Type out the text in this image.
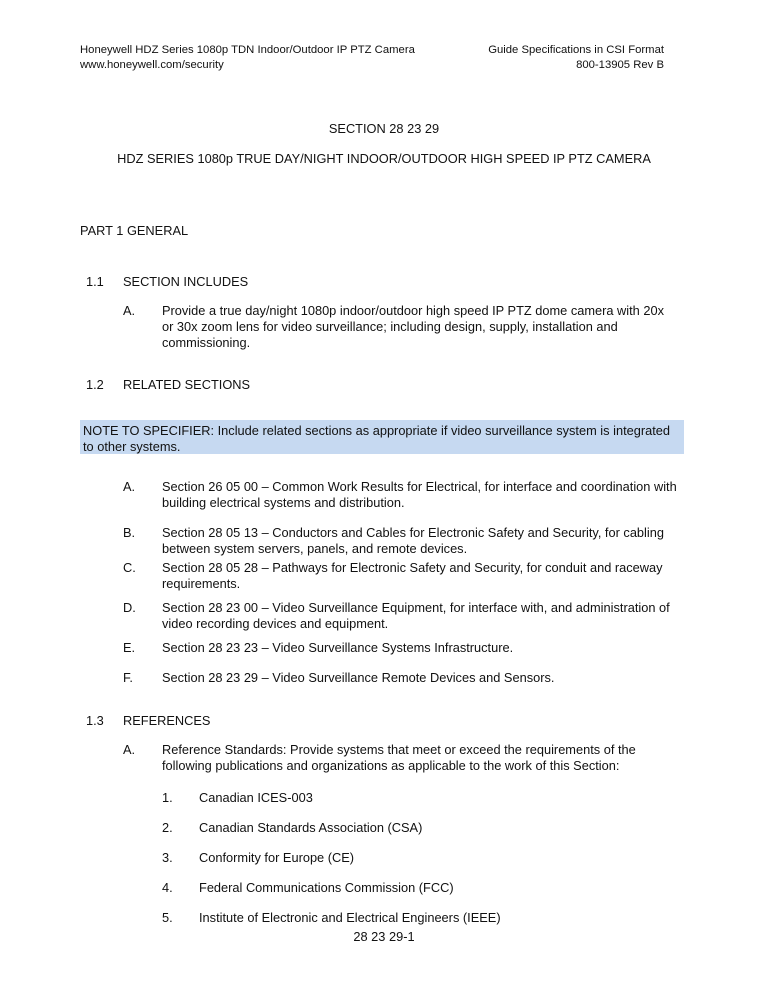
Honeywell HDZ Series 1080p TDN Indoor/Outdoor IP PTZ Camera
www.honeywell.com/security
Guide Specifications in CSI Format
800-13905 Rev B
SECTION 28 23 29
HDZ SERIES 1080p TRUE DAY/NIGHT INDOOR/OUTDOOR HIGH SPEED IP PTZ CAMERA
PART 1 GENERAL
1.1 SECTION INCLUDES
A. Provide a true day/night 1080p indoor/outdoor high speed IP PTZ dome camera with 20x or 30x zoom lens for video surveillance; including design, supply, installation and commissioning.
1.2 RELATED SECTIONS
NOTE TO SPECIFIER: Include related sections as appropriate if video surveillance system is integrated to other systems.
A. Section 26 05 00 – Common Work Results for Electrical, for interface and coordination with building electrical systems and distribution.
B. Section 28 05 13 – Conductors and Cables for Electronic Safety and Security, for cabling between system servers, panels, and remote devices.
C. Section 28 05 28 – Pathways for Electronic Safety and Security, for conduit and raceway requirements.
D. Section 28 23 00 – Video Surveillance Equipment, for interface with, and administration of video recording devices and equipment.
E. Section 28 23 23 – Video Surveillance Systems Infrastructure.
F. Section 28 23 29 – Video Surveillance Remote Devices and Sensors.
1.3 REFERENCES
A. Reference Standards: Provide systems that meet or exceed the requirements of the following publications and organizations as applicable to the work of this Section:
1. Canadian ICES-003
2. Canadian Standards Association (CSA)
3. Conformity for Europe (CE)
4. Federal Communications Commission (FCC)
5. Institute of Electronic and Electrical Engineers (IEEE)
28 23 29-1
